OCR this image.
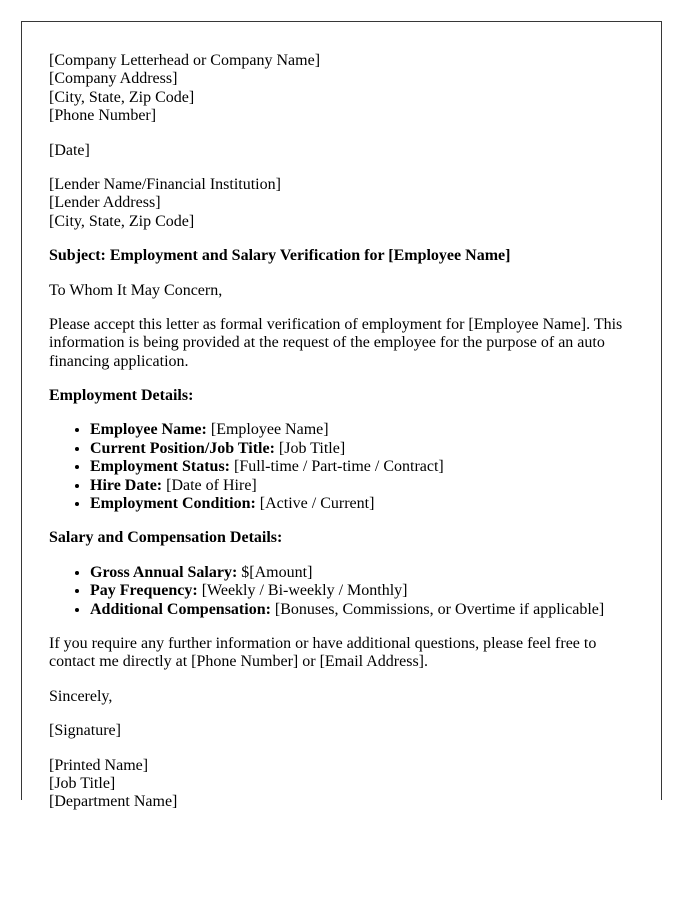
[Company Letterhead or Company Name]
[Company Address]
[City, State, Zip Code]
[Phone Number]

[Date]

[Lender Name/Financial Institution]
[Lender Address]
[City, State, Zip Code]

Subject: Employment and Salary Verification for [Employee Name]

To Whom It May Concern,

Please accept this letter as formal verification of employment for [Employee Name]. This information is being provided at the request of the employee for the purpose of an auto financing application.

Employment Details:

• Employee Name: [Employee Name]
• Current Position/Job Title: [Job Title]
• Employment Status: [Full-time / Part-time / Contract]
• Hire Date: [Date of Hire]
• Employment Condition: [Active / Current]

Salary and Compensation Details:

• Gross Annual Salary: $[Amount]
• Pay Frequency: [Weekly / Bi-weekly / Monthly]
• Additional Compensation: [Bonuses, Commissions, or Overtime if applicable]

If you require any further information or have additional questions, please feel free to contact me directly at [Phone Number] or [Email Address].

Sincerely,

[Signature]

[Printed Name]
[Job Title]
[Department Name]
